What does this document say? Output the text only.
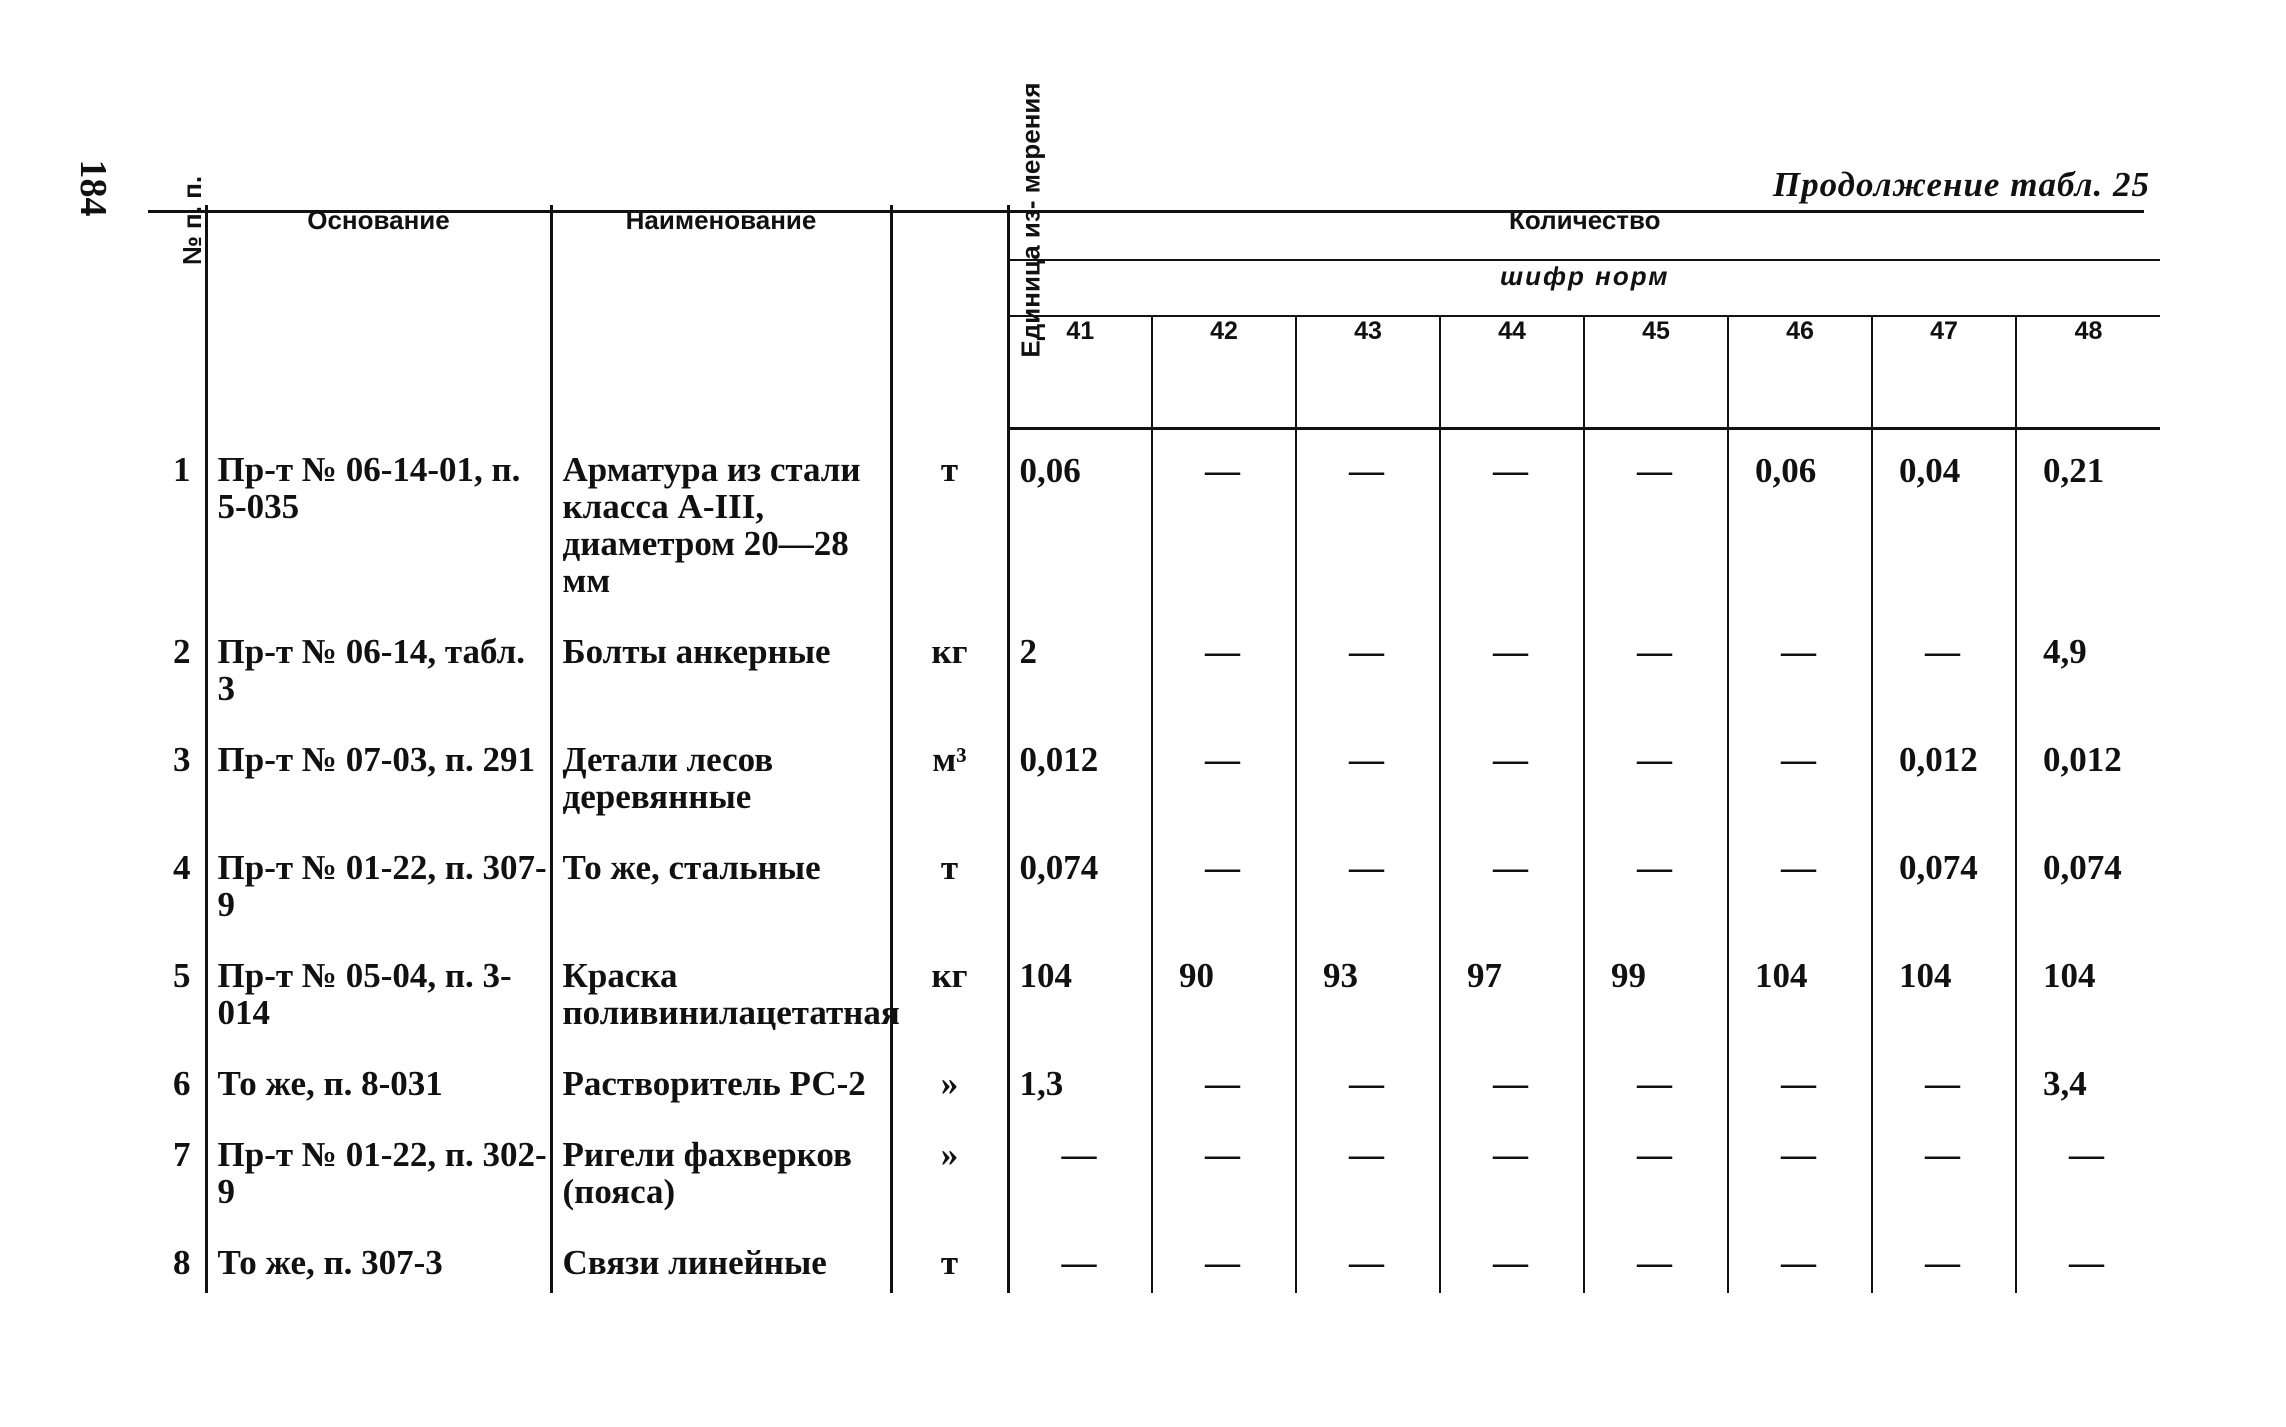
184	Продолжение табл. 25
№ п. п.	Основание	Наименование	Единица из- мерения	Количество							
				шифр норм							
				41	42	43	44	45	46	47	48
1	Пр-т № 06-14-01, п. 5-035	Арматура из стали класса А-III, диаметром 20—28 мм	т	0,06	—	—	—	—	0,06	0,04	0,21
2	Пр-т № 06-14, табл. 3	Болты анкерные	кг	2	—	—	—	—	—	—	4,9
3	Пр-т № 07-03, п. 291	Детали лесов деревянные	м³	0,012	—	—	—	—	—	0,012	0,012
4	Пр-т № 01-22, п. 307-9	То же, стальные	т	0,074	—	—	—	—	—	0,074	0,074
5	Пр-т № 05-04, п. 3-014	Краска поливинилацетатная	кг	104	90	93	97	99	104	104	104
6	То же, п. 8-031	Растворитель РС-2	»	1,3	—	—	—	—	—	—	3,4
7	Пр-т № 01-22, п. 302-9	Ригели фахверков (пояса)	»	—	—	—	—	—	—	—	—
8	То же, п. 307-3	Связи линейные	т	—	—	—	—	—	—	—	—
